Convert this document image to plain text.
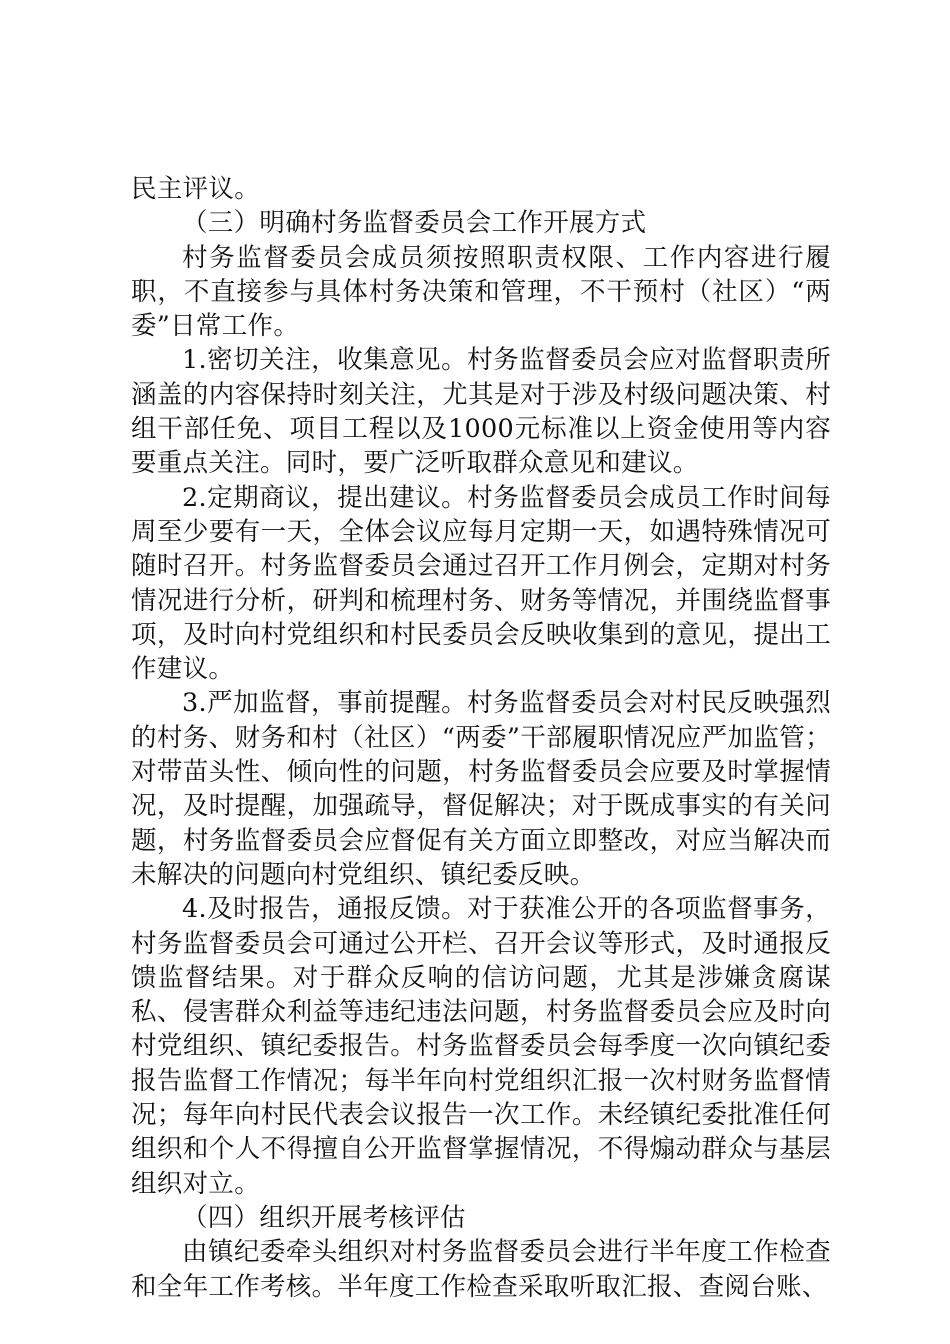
民主评议。

（三）明确村务监督委员会工作开展方式

村务监督委员会成员须按照职责权限、工作内容进行履职，不直接参与具体村务决策和管理，不干预村（社区）“两委”日常工作。

1.密切关注，收集意见。村务监督委员会应对监督职责所涵盖的内容保持时刻关注，尤其是对于涉及村级问题决策、村组干部任免、项目工程以及1000元标准以上资金使用等内容要重点关注。同时，要广泛听取群众意见和建议。

2.定期商议，提出建议。村务监督委员会成员工作时间每周至少要有一天，全体会议应每月定期一天，如遇特殊情况可随时召开。村务监督委员会通过召开工作月例会，定期对村务情况进行分析，研判和梳理村务、财务等情况，并围绕监督事项，及时向村党组织和村民委员会反映收集到的意见，提出工作建议。

3.严加监督，事前提醒。村务监督委员会对村民反映强烈的村务、财务和村（社区）“两委”干部履职情况应严加监管；对带苗头性、倾向性的问题，村务监督委员会应要及时掌握情况，及时提醒，加强疏导，督促解决；对于既成事实的有关问题，村务监督委员会应督促有关方面立即整改，对应当解决而未解决的问题向村党组织、镇纪委反映。

4.及时报告，通报反馈。对于获准公开的各项监督事务，村务监督委员会可通过公开栏、召开会议等形式，及时通报反馈监督结果。对于群众反响的信访问题，尤其是涉嫌贪腐谋私、侵害群众利益等违纪违法问题，村务监督委员会应及时向村党组织、镇纪委报告。村务监督委员会每季度一次向镇纪委报告监督工作情况；每半年向村党组织汇报一次村财务监督情况；每年向村民代表会议报告一次工作。未经镇纪委批准任何组织和个人不得擅自公开监督掌握情况，不得煽动群众与基层组织对立。

（四）组织开展考核评估

由镇纪委牵头组织对村务监督委员会进行半年度工作检查和全年工作考核。半年度工作检查采取听取汇报、查阅台账、
